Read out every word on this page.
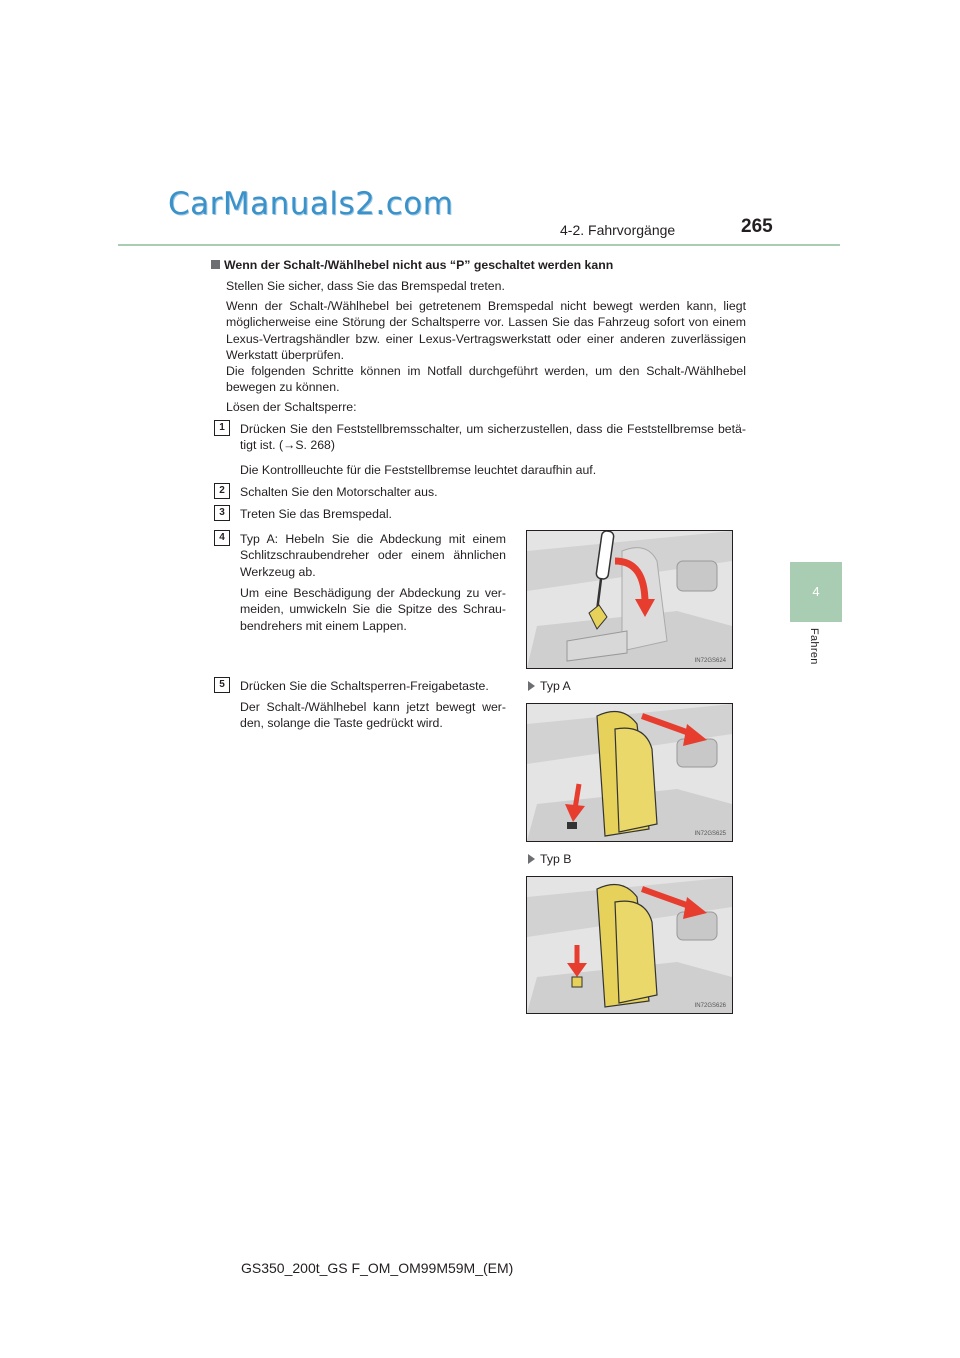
CarManuals2.com
4-2. Fahrvorgänge	265
4
Fahren
Wenn der Schalt-/Wählhebel nicht aus “P” geschaltet werden kann
Stellen Sie sicher, dass Sie das Bremspedal treten.
Wenn der Schalt-/Wählhebel bei getretenem Bremspedal nicht bewegt werden kann, liegt
möglicherweise eine Störung der Schaltsperre vor. Lassen Sie das Fahrzeug sofort von einem
Lexus-Vertragshändler bzw. einer Lexus-Vertragswerkstatt oder einer anderen zuverlässigen
Werkstatt überprüfen.
Die folgenden Schritte können im Notfall durchgeführt werden, um den Schalt-/Wählhebel
bewegen zu können.
Lösen der Schaltsperre:
1	Drücken Sie den Feststellbremsschalter, um sicherzustellen, dass die Feststellbremse betä-
tigt ist. (→S. 268)
Die Kontrollleuchte für die Feststellbremse leuchtet daraufhin auf.
2	Schalten Sie den Motorschalter aus.
3	Treten Sie das Bremspedal.
4	Typ A: Hebeln Sie die Abdeckung mit einem
Schlitzschraubendreher oder einem ähnlichen
Werkzeug ab.
Um eine Beschädigung der Abdeckung zu ver-
meiden, umwickeln Sie die Spitze des Schrau-
bendrehers mit einem Lappen.
IN72GS624
5	Drücken Sie die Schaltsperren-Freigabetaste.
Der Schalt-/Wählhebel kann jetzt bewegt wer-
den, solange die Taste gedrückt wird.
Typ A
IN72GS625
Typ B
IN72GS626
GS350_200t_GS F_OM_OM99M59M_(EM)
